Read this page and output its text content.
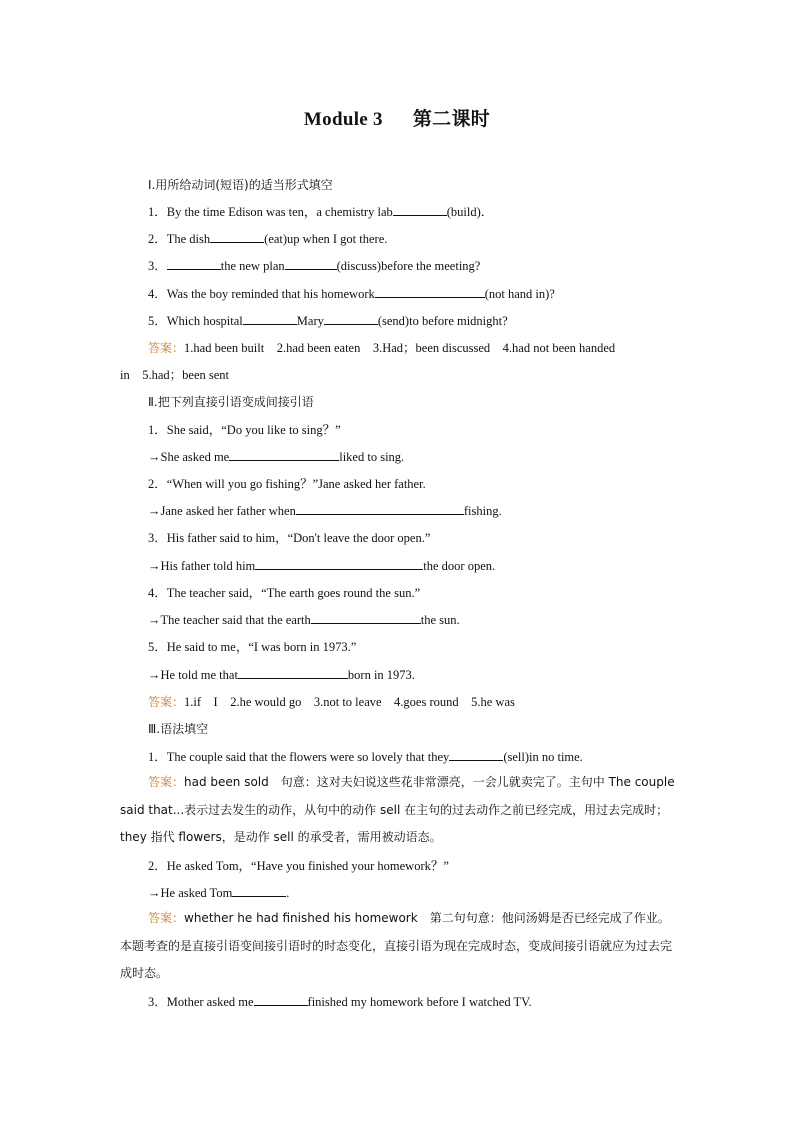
Module 3 第二课时
Ⅰ.用所给动词(短语)的适当形式填空
1．By the time Edison was ten，a chemistry lab	(build)．
2．The dish	(eat)up when I got there.
3．	the new plan	(discuss)before the meeting?
4．Was the boy reminded that his homework	(not hand in)?
5．Which hospital	Mary	(send)to before midnight?
答案：1.had been built　2.had been eaten　3.Had；been discussed　4.had not been handed
in　5.had；been sent
Ⅱ.把下列直接引语变成间接引语
1．She said，“Do you like to sing？”
→She asked me	liked to sing.
2．“When will you go fishing？”Jane asked her father.
→Jane asked her father when	fishing.
3．His father said to him，“Don't leave the door open.”
→His father told him	the door open.
4．The teacher said，“The earth goes round the sun.”
→The teacher said that the earth	the sun.
5．He said to me，“I was born in 1973.”
→He told me that	born in 1973.
答案：1.if　I　2.he would go　3.not to leave　4.goes round　5.he was
Ⅲ.语法填空
1．The couple said that the flowers were so lovely that they	(sell)in no time.
答案：had been sold　句意：这对夫妇说这些花非常漂亮，一会儿就卖完了。主句中 The couple said that...表示过去发生的动作，从句中的动作 sell 在主句的过去动作之前已经完成，用过去完成时；they 指代 flowers，是动作 sell 的承受者，需用被动语态。
2．He asked Tom，“Have you finished your homework？”
→He asked Tom	.
答案：whether he had finished his homework　第二句句意：他问汤姆是否已经完成了作业。本题考查的是直接引语变间接引语时的时态变化，直接引语为现在完成时态，变成间接引语就应为过去完成时态。
3．Mother asked me	finished my homework before I watched TV.
